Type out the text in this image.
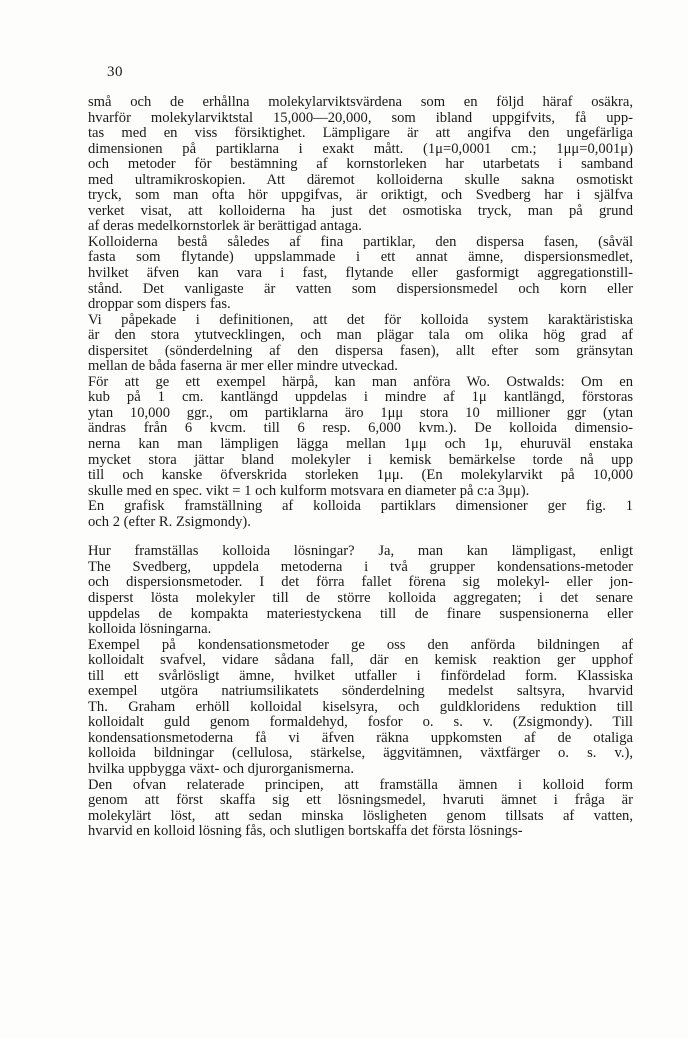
30
små och de erhållna molekylarviktsvärdena som en följd häraf osäkra,
hvarför molekylarviktstal 15,000—20,000, som ibland uppgifvits, få upp-
tas med en viss försiktighet. Lämpligare är att angifva den ungefärliga
dimensionen på partiklarna i exakt mått. (1μ=0,0001 cm.; 1μμ=0,001μ)
och metoder för bestämning af kornstorleken har utarbetats i samband
med ultramikroskopien. Att däremot kolloiderna skulle sakna osmotiskt
tryck, som man ofta hör uppgifvas, är oriktigt, och Svedberg har i själfva
verket visat, att kolloiderna ha just det osmotiska tryck, man på grund
af deras medelkornstorlek är berättigad antaga.
Kolloiderna bestå således af fina partiklar, den dispersa fasen, (såväl
fasta som flytande) uppslammade i ett annat ämne, dispersionsmedlet,
hvilket äfven kan vara i fast, flytande eller gasformigt aggregationstill-
stånd. Det vanligaste är vatten som dispersionsmedel och korn eller
droppar som dispers fas.
Vi påpekade i definitionen, att det för kolloida system karaktäristiska
är den stora ytutvecklingen, och man plägar tala om olika hög grad af
dispersitet (sönderdelning af den dispersa fasen), allt efter som gränsytan
mellan de båda faserna är mer eller mindre utveckad.
För att ge ett exempel härpå, kan man anföra Wo. Ostwalds: Om en
kub på 1 cm. kantlängd uppdelas i mindre af 1μ kantlängd, förstoras
ytan 10,000 ggr., om partiklarna äro 1μμ stora 10 millioner ggr (ytan
ändras från 6 kvcm. till 6 resp. 6,000 kvm.). De kolloida dimensio-
nerna kan man lämpligen lägga mellan 1μμ och 1μ, ehuruväl enstaka
mycket stora jättar bland molekyler i kemisk bemärkelse torde nå upp
till och kanske öfverskrida storleken 1μμ. (En molekylarvikt på 10,000
skulle med en spec. vikt = 1 och kulform motsvara en diameter på c:a 3μμ).
En grafisk framställning af kolloida partiklars dimensioner ger fig. 1
och 2 (efter R. Zsigmondy).
Hur framställas kolloida lösningar? Ja, man kan lämpligast, enligt
The Svedberg, uppdela metoderna i två grupper kondensations-metoder
och dispersionsmetoder. I det förra fallet förena sig molekyl- eller jon-
disperst lösta molekyler till de större kolloida aggregaten; i det senare
uppdelas de kompakta materiestyckena till de finare suspensionerna eller
kolloida lösningarna.
Exempel på kondensationsmetoder ge oss den anförda bildningen af
kolloidalt svafvel, vidare sådana fall, där en kemisk reaktion ger upphof
till ett svårlösligt ämne, hvilket utfaller i finfördelad form. Klassiska
exempel utgöra natriumsilikatets sönderdelning medelst saltsyra, hvarvid
Th. Graham erhöll kolloidal kiselsyra, och guldkloridens reduktion till
kolloidalt guld genom formaldehyd, fosfor o. s. v. (Zsigmondy). Till
kondensationsmetoderna få vi äfven räkna uppkomsten af de otaliga
kolloida bildningar (cellulosa, stärkelse, äggvitämnen, växtfärger o. s. v.),
hvilka uppbygga växt- och djurorganismerna.
Den ofvan relaterade principen, att framställa ämnen i kolloid form
genom att först skaffa sig ett lösningsmedel, hvaruti ämnet i fråga är
molekylärt löst, att sedan minska lösligheten genom tillsats af vatten,
hvarvid en kolloid lösning fås, och slutligen bortskaffa det första lösnings-
